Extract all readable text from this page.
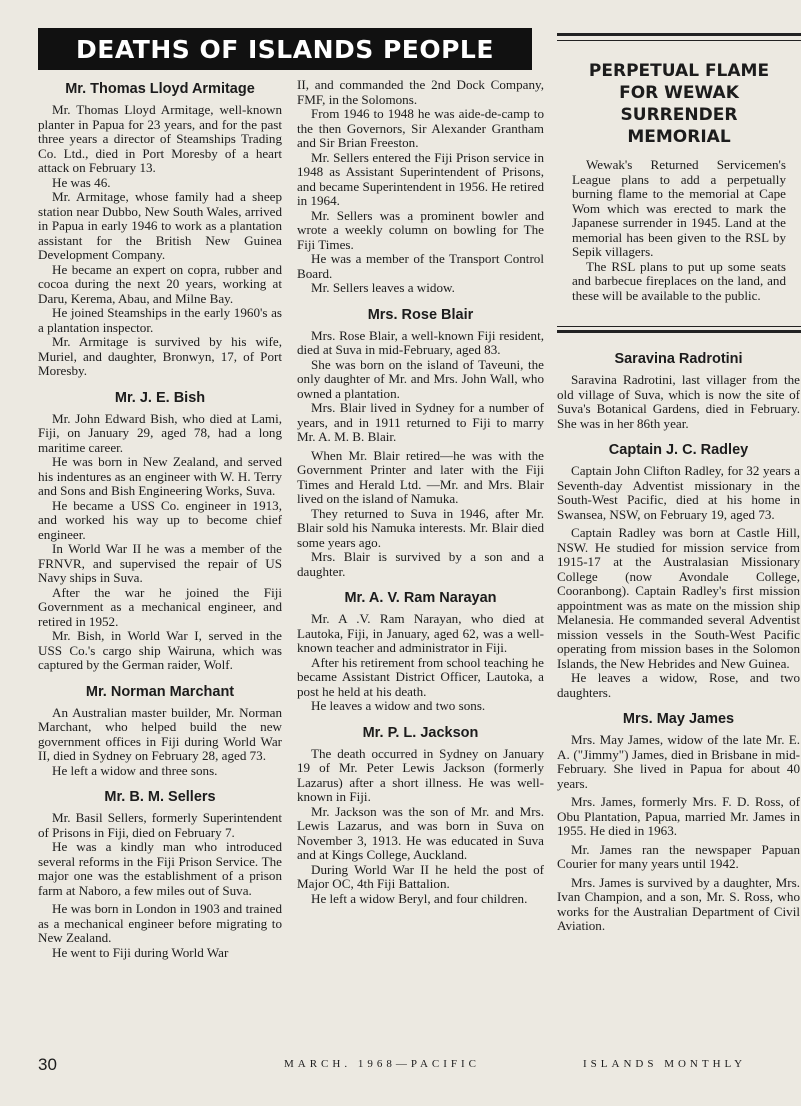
DEATHS OF ISLANDS PEOPLE
PERPETUAL FLAME FOR WEWAK SURRENDER MEMORIAL

Wewak's Returned Servicemen's League plans to add a perpetually burning flame to the memorial at Cape Wom which was erected to mark the Japanese surrender in 1945. Land at the memorial has been given to the RSL by Sepik villagers.

The RSL plans to put up some seats and barbecue fireplaces on the land, and these will be available to the public.

Mr. Thomas Lloyd Armitage

Mr. Thomas Lloyd Armitage, well-known planter in Papua for 23 years, and for the past three years a director of Steamships Trading Co. Ltd., died in Port Moresby of a heart attack on February 13.

He was 46.

Mr. Armitage, whose family had a sheep station near Dubbo, New South Wales, arrived in Papua in early 1946 to work as a plantation assistant for the British New Guinea Development Company.

He became an expert on copra, rubber and cocoa during the next 20 years, working at Daru, Kerema, Abau, and Milne Bay.

He joined Steamships in the early 1960's as a plantation inspector.

Mr. Armitage is survived by his wife, Muriel, and daughter, Bronwyn, 17, of Port Moresby.

Mr. J. E. Bish

Mr. John Edward Bish, who died at Lami, Fiji, on January 29, aged 78, had a long maritime career.

He was born in New Zealand, and served his indentures as an engineer with W. H. Terry and Sons and Bish Engineering Works, Suva.

He became a USS Co. engineer in 1913, and worked his way up to become chief engineer.

In World War II he was a member of the FRNVR, and supervised the repair of US Navy ships in Suva.

After the war he joined the Fiji Government as a mechanical engineer, and retired in 1952.

Mr. Bish, in World War I, served in the USS Co.'s cargo ship Wairuna, which was captured by the German raider, Wolf.

Mr. Norman Marchant

An Australian master builder, Mr. Norman Marchant, who helped build the new government offices in Fiji during World War II, died in Sydney on February 28, aged 73.

He left a widow and three sons.

Mr. B. M. Sellers

Mr. Basil Sellers, formerly Superintendent of Prisons in Fiji, died on February 7.

He was a kindly man who introduced several reforms in the Fiji Prison Service. The major one was the establishment of a prison farm at Naboro, a few miles out of Suva.

He was born in London in 1903 and trained as a mechanical engineer before migrating to New Zealand.

He went to Fiji during World War

II, and commanded the 2nd Dock Company, FMF, in the Solomons.

From 1946 to 1948 he was aide-de-camp to the then Governors, Sir Alexander Grantham and Sir Brian Freeston.

Mr. Sellers entered the Fiji Prison service in 1948 as Assistant Superintendent of Prisons, and became Superintendent in 1956. He retired in 1964.

Mr. Sellers was a prominent bowler and wrote a weekly column on bowling for The Fiji Times.

He was a member of the Transport Control Board.

Mr. Sellers leaves a widow.

Mrs. Rose Blair

Mrs. Rose Blair, a well-known Fiji resident, died at Suva in mid-February, aged 83.

She was born on the island of Taveuni, the only daughter of Mr. and Mrs. John Wall, who owned a plantation.

Mrs. Blair lived in Sydney for a number of years, and in 1911 returned to Fiji to marry Mr. A. M. B. Blair.

When Mr. Blair retired—he was with the Government Printer and later with the Fiji Times and Herald Ltd. —Mr. and Mrs. Blair lived on the island of Namuka.

They returned to Suva in 1946, after Mr. Blair sold his Namuka interests. Mr. Blair died some years ago.

Mrs. Blair is survived by a son and a daughter.

Mr. A. V. Ram Narayan

Mr. A .V. Ram Narayan, who died at Lautoka, Fiji, in January, aged 62, was a well-known teacher and administrator in Fiji.

After his retirement from school teaching he became Assistant District Officer, Lautoka, a post he held at his death.

He leaves a widow and two sons.

Mr. P. L. Jackson

The death occurred in Sydney on January 19 of Mr. Peter Lewis Jackson (formerly Lazarus) after a short illness. He was well-known in Fiji.

Mr. Jackson was the son of Mr. and Mrs. Lewis Lazarus, and was born in Suva on November 3, 1913. He was educated in Suva and at Kings College, Auckland.

During World War II he held the post of Major OC, 4th Fiji Battalion.

He left a widow Beryl, and four children.

Saravina Radrotini

Saravina Radrotini, last villager from the old village of Suva, which is now the site of Suva's Botanical Gardens, died in February. She was in her 86th year.

Captain J. C. Radley

Captain John Clifton Radley, for 32 years a Seventh-day Adventist missionary in the South-West Pacific, died at his home in Swansea, NSW, on February 19, aged 73.

Captain Radley was born at Castle Hill, NSW. He studied for mission service from 1915-17 at the Australasian Missionary College (now Avondale College, Cooranbong). Captain Radley's first mission appointment was as mate on the mission ship Melanesia. He commanded several Adventist mission vessels in the South-West Pacific operating from mission bases in the Solomon Islands, the New Hebrides and New Guinea.

He leaves a widow, Rose, and two daughters.

Mrs. May James

Mrs. May James, widow of the late Mr. E. A. ("Jimmy") James, died in Brisbane in mid-February. She lived in Papua for about 40 years.

Mrs. James, formerly Mrs. F. D. Ross, of Obu Plantation, Papua, married Mr. James in 1955. He died in 1963.

Mr. James ran the newspaper Papuan Courier for many years until 1942.

Mrs. James is survived by a daughter, Mrs. Ivan Champion, and a son, Mr. S. Ross, who works for the Australian Department of Civil Aviation.

30	MARCH. 1968—PACIFIC	ISLANDS MONTHLY
